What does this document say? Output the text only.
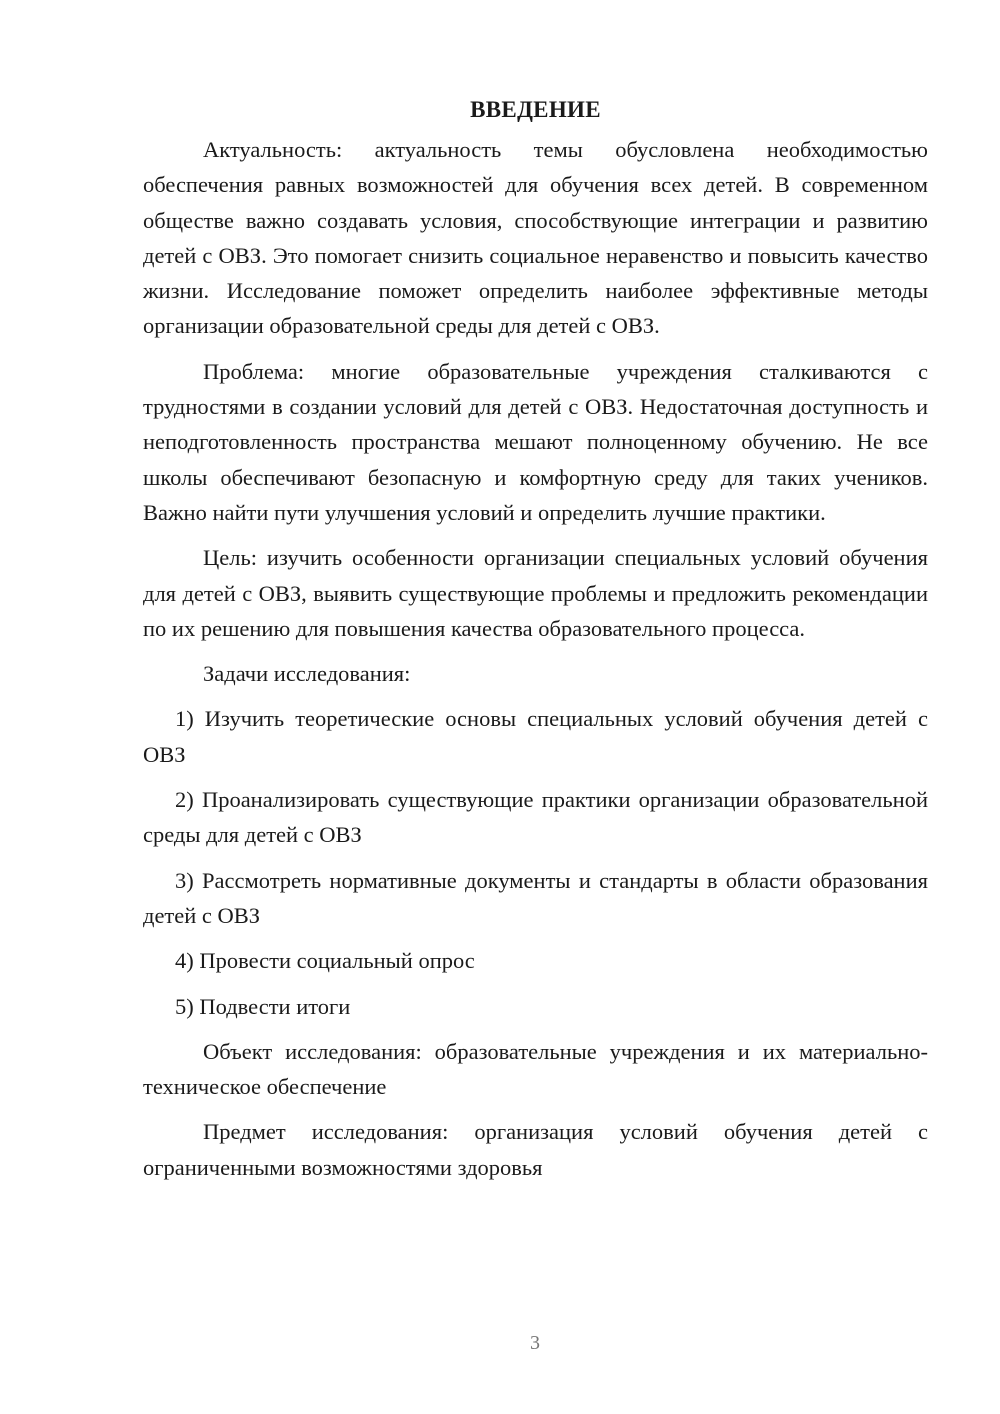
ВВЕДЕНИЕ

Актуальность: актуальность темы обусловлена необходимостью обеспечения равных возможностей для обучения всех детей. В современном обществе важно создавать условия, способствующие интеграции и развитию детей с ОВЗ. Это помогает снизить социальное неравенство и повысить качество жизни. Исследование поможет определить наиболее эффективные методы организации образовательной среды для детей с ОВЗ.

Проблема: многие образовательные учреждения сталкиваются с трудностями в создании условий для детей с ОВЗ. Недостаточная доступность и неподготовленность пространства мешают полноценному обучению. Не все школы обеспечивают безопасную и комфортную среду для таких учеников. Важно найти пути улучшения условий и определить лучшие практики.

Цель: изучить особенности организации специальных условий обучения для детей с ОВЗ, выявить существующие проблемы и предложить рекомендации по их решению для повышения качества образовательного процесса.

Задачи исследования:

1) Изучить теоретические основы специальных условий обучения детей с ОВЗ

2) Проанализировать существующие практики организации образовательной среды для детей с ОВЗ

3) Рассмотреть нормативные документы и стандарты в области образования детей с ОВЗ

4) Провести социальный опрос

5) Подвести итоги

Объект исследования: образовательные учреждения и их материально-техническое обеспечение

Предмет исследования: организация условий обучения детей с ограниченными возможностями здоровья

3
